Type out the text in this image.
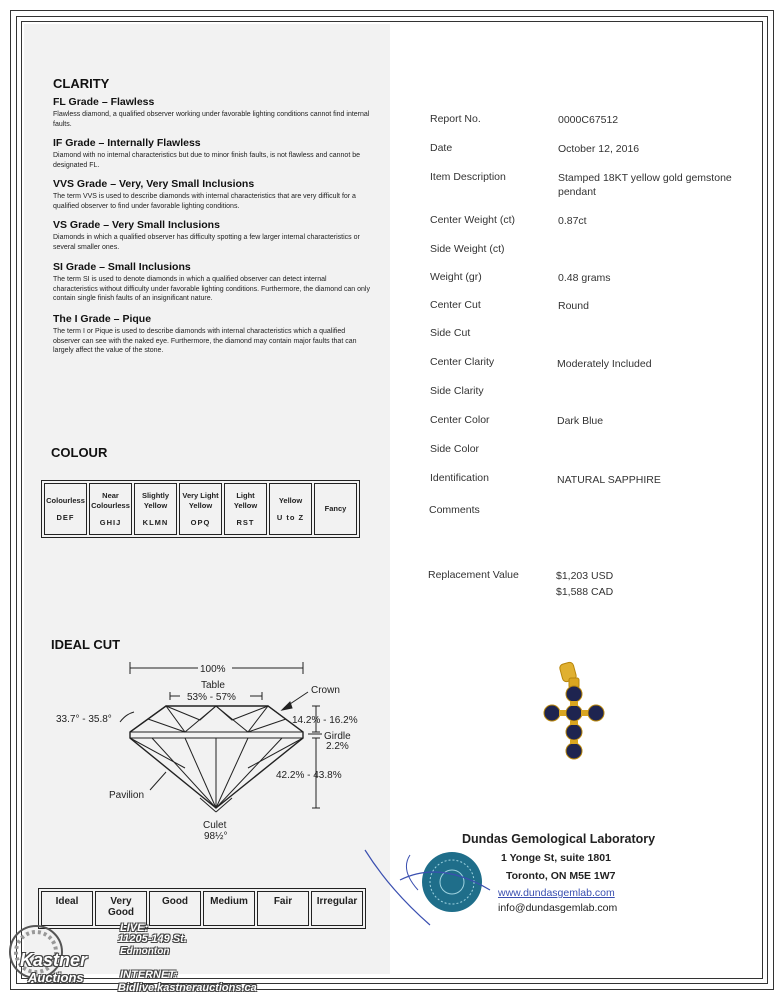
CLARITY
FL Grade – Flawless

Flawless diamond, a qualified observer working under favorable lighting conditions cannot find internal faults.

IF Grade – Internally Flawless

Diamond with no internal characteristics but due to minor finish faults, is not flawless and cannot be designated FL.

VVS Grade – Very, Very Small Inclusions

The term VVS is used to describe diamonds with internal characteristics that are very difficult for a qualified observer to find under favorable lighting conditions.

VS Grade – Very Small Inclusions

Diamonds in which a qualified observer has difficulty spotting a few larger internal characteristics or several smaller ones.

SI Grade – Small Inclusions

The term SI is used to denote diamonds in which a qualified observer can detect internal characteristics without difficulty under favorable lighting conditions. Furthermore, the diamond can only contain single finish faults of an insignificant nature.

The I Grade – Pique

The term I or Pique is used to describe diamonds with internal characteristics which a qualified observer can see with the naked eye. Furthermore, the diamond may contain major faults that can largely affect the value of the stone.

COLOUR
Colourless
DEF

Near Colourless
GHIJ

Slightly Yellow
KLMN

Very Light Yellow
OPQ

Light Yellow
RST

Yellow
U to Z

Fancy
IDEAL CUT
100%
Table
53% - 57%
Crown
33.7° - 35.8°	14.2% - 16.2%
Girdle
2.2%
42.2% - 43.8%
Pavilion
Culet
98½°
Ideal	Very Good	Good	Medium	Fair	Irregular
Report No.	0000C67512
Date	October 12, 2016
Item Description	Stamped 18KT yellow gold gemstone pendant
Center Weight (ct)	0.87ct
Side Weight (ct)
Weight (gr)	0.48 grams
Center Cut	Round
Side Cut
Center Clarity	Moderately Included
Side Clarity
Center Color	Dark Blue
Side Color
Identification	NATURAL SAPPHIRE
Comments
Replacement Value	$1,203 USD
$1,588 CAD
Dundas Gemological Laboratory
1 Yonge St, suite 1801
Toronto, ON M5E 1W7
www.dundasgemlab.com
info@dundasgemlab.com
Kastner
Auctions
LIVE:
11205-149 St.
Edmonton
INTERNET:
Bidlive.kastnerauctions.ca
